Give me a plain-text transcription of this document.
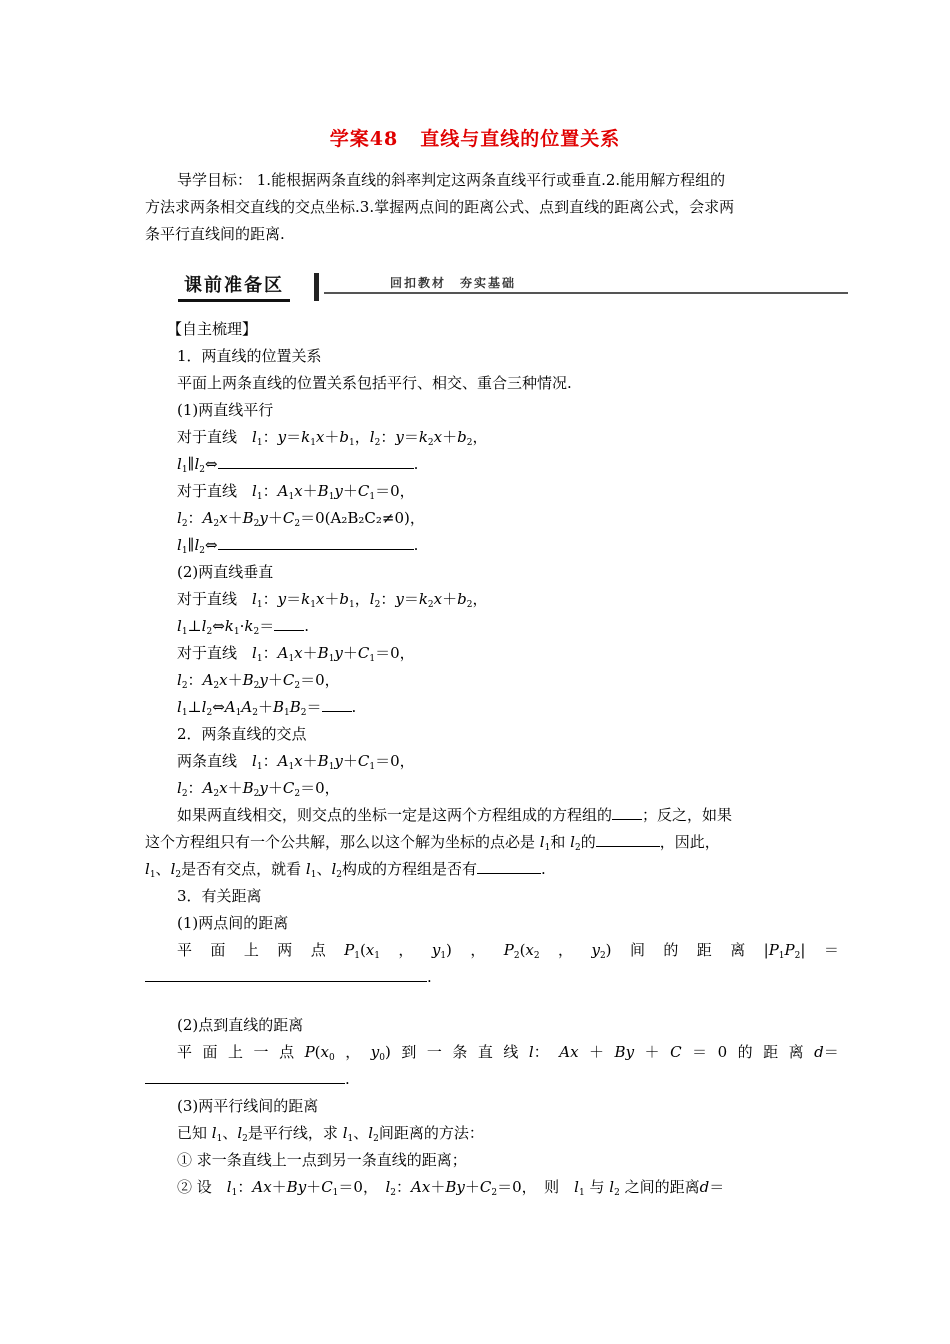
学案48 直线与直线的位置关系
导学目标： 1.能根据两条直线的斜率判定这两条直线平行或垂直.2.能用解方程组的
方法求两条相交直线的交点坐标.3.掌握两点间的距离公式、点到直线的距离公式，会求两
条平行直线间的距离.
课前准备区	回扣教材　夯实基础
【自主梳理】
1．两直线的位置关系
平面上两条直线的位置关系包括平行、相交、重合三种情况.
(1)两直线平行
对于直线　 $l_1$：$y=k_1x+b_1$，$l_2$：$y=k_2x+b_2$，
$l_1\parallel l_2\Leftrightarrow$	.
对于直线　 $l_1$：$A_1x+B_1y+C_1=0$，
$l_2$：$A_2x+B_2y+C_2=0(A_2B_2C_2\ne 0)$，
$l_1\parallel l_2\Leftrightarrow$	.
(2)两直线垂直
对于直线　 $l_1$：$y=k_1x+b_1$，$l_2$：$y=k_2x+b_2$，
$l_1\perp l_2\Leftrightarrow k_1\cdot k_2=$ .
对于直线　 $l_1$：$A_1x+B_1y+C_1=0$，
$l_2$：$A_2x+B_2y+C_2=0$，
$l_1\perp l_2\Leftrightarrow A_1A_2+B_1B_2=$ .
2．两条直线的交点
两条直线　 $l_1$：$A_1x+B_1y+C_1=0$，
$l_2$：$A_2x+B_2y+C_2=0$，
如果两直线相交，则交点的坐标一定是这两个方程组成的方程组的 ；反之，如果
这个方程组只有一个公共解，那么以这个解为坐标的点必是 $l_1$和 $l_2$的	，因此，
$l_1$、$l_2$是否有交点，就看 $l_1$、$l_2$构成的方程组是否有	.
3．有关距离
(1)两点间的距离
平 面 上 两 点 $P_1(x_1$ ， $y_1$) ， $P_2(x_2$ ， $y_2$) 间 的 距 离 $|P_1P_2|$ ＝
.
(2)点到直线的距离
平 面 上 一 点 $P(x_0$ ， $y_0$) 到 一 条 直 线 l： Ax ＋ By ＋ C ＝ 0 的 距 离 d＝
.
(3)两平行线间的距离
已知 $l_1$、$l_2$是平行线，求 $l_1$、$l_2$间距离的方法：
① 求一条直线上一点到另一条直线的距离；
② 设　 $l_1$：$Ax+By+C_1=0$，　$l_2$：$Ax+By+C_2=0$，　则　 $l_1$ 与 $l_2$ 之间的距离d＝
